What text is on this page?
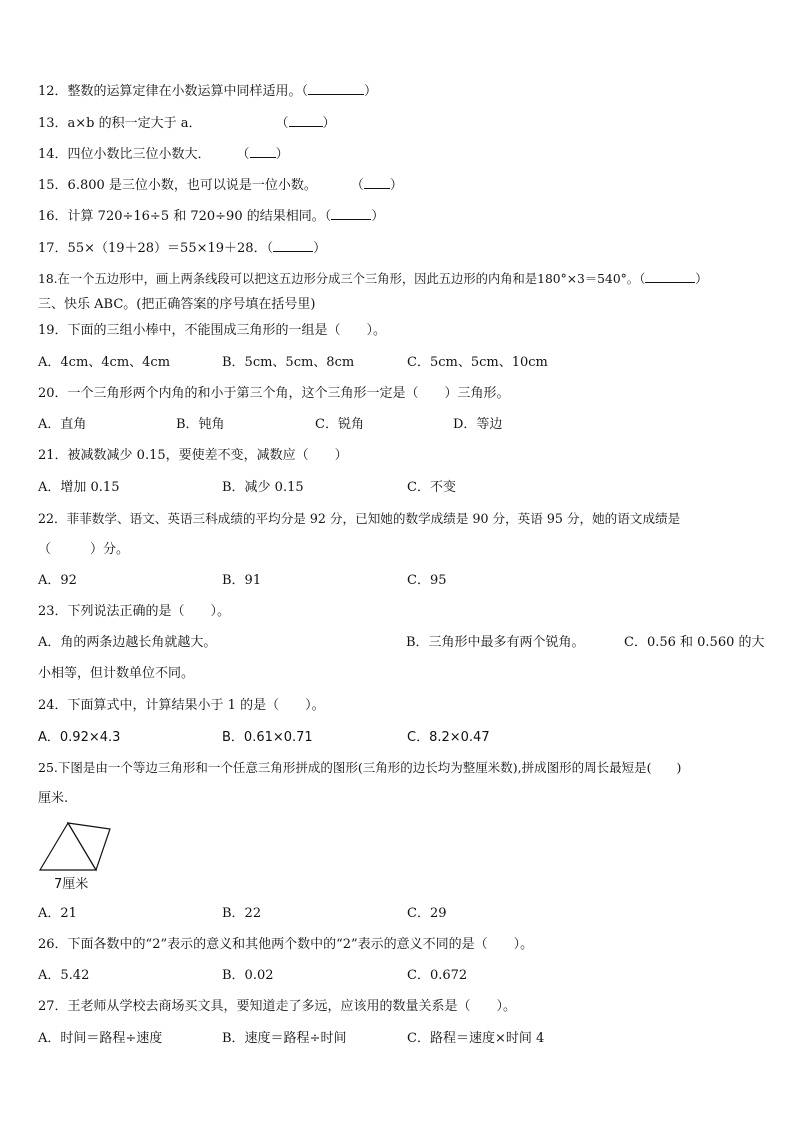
12．整数的运算定律在小数运算中同样适用。（	）
13．a×b 的积一定大于 a．	（	）
14．四位小数比三位小数大． （ ）
15．6.800 是三位小数，也可以说是一位小数。	（ ）
16．计算 720÷16÷5 和 720÷90 的结果相同。（	）
17．55×（19＋28）＝55×19＋28．（	）
18.在一个五边形中，画上两条线段可以把这五边形分成三个三角形，因此五边形的内角和是180°×3＝540°。（	）
三、快乐 ABC。(把正确答案的序号填在括号里)
19．下面的三组小棒中，不能围成三角形的一组是（　　）。
A．4cm、4cm、4cm	B．5cm、5cm、8cm	C．5cm、5cm、10cm
20．一个三角形两个内角的和小于第三个角，这个三角形一定是（　　）三角形。
A．直角	B．钝角	C．锐角	D．等边
21．被减数减少 0.15，要使差不变，减数应（　　）
A．增加 0.15	B．减少 0.15	C．不变
22．菲菲数学、语文、英语三科成绩的平均分是 92 分，已知她的数学成绩是 90 分，英语 95 分，她的语文成绩是
（　　　）分。
A．92	B．91	C．95
23．下列说法正确的是（　　）。
A．角的两条边越长角就越大。	B．三角形中最多有两个锐角。	C．0.56 和 0.560 的大
小相等，但计数单位不同。
24．下面算式中，计算结果小于 1 的是（　　）。
A．0.92×4.3	B．0.61×0.71	C．8.2×0.47
25.下图是由一个等边三角形和一个任意三角形拼成的图形(三角形的边长均为整厘米数),拼成图形的周长最短是(　　)
厘米.
7厘米
A．21	B．22	C．29
26．下面各数中的“2”表示的意义和其他两个数中的“2”表示的意义不同的是（　　）。
A．5.42	B．0.02	C．0.672
27．王老师从学校去商场买文具，要知道走了多远，应该用的数量关系是（　　）。
A．时间＝路程÷速度	B．速度＝路程÷时间	C．路程＝速度×时间 4
